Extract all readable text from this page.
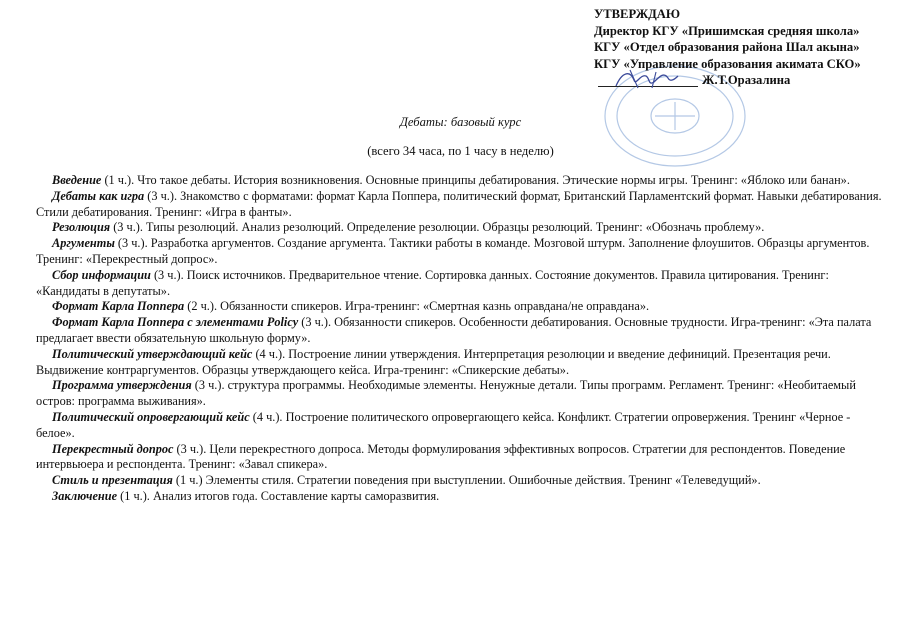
УТВЕРЖДАЮ
Директор КГУ «Пришимская средняя школа»
КГУ «Отдел образования района Шал акына»
КГУ «Управление образования акимата СКО»
Ж.Т.Оразалина
Дебаты: базовый курс
(всего 34 часа, по 1 часу в неделю)

Введение (1 ч.). Что такое дебаты. История возникновения. Основные принципы дебатирования. Этические нормы игры. Тренинг: «Яблоко или банан».

Дебаты как игра (3 ч.). Знакомство с форматами: формат Карла Поппера, политический формат, Британский Парламентский формат. Навыки дебатирования. Стили дебатирования. Тренинг: «Игра в фанты».

Резолюция (3 ч.). Типы резолюций. Анализ резолюций. Определение резолюции. Образцы резолюций. Тренинг: «Обозначь проблему».

Аргументы (3 ч.). Разработка аргументов. Создание аргумента. Тактики работы в команде. Мозговой штурм. Заполнение флоушитов. Образцы аргументов. Тренинг: «Перекрестный допрос».

Сбор информации (3 ч.). Поиск источников. Предварительное чтение. Сортировка данных. Состояние документов. Правила цитирования. Тренинг: «Кандидаты в депутаты».

Формат Карла Поппера (2 ч.). Обязанности спикеров. Игра-тренинг: «Смертная казнь оправдана/не оправдана».

Формат Карла Поппера с элементами Policy (3 ч.). Обязанности спикеров. Особенности дебатирования. Основные трудности. Игра-тренинг: «Эта палата предлагает ввести обязательную школьную форму».

Политический утверждающий кейс (4 ч.). Построение линии утверждения. Интерпретация резолюции и введение дефиниций. Презентация речи. Выдвижение контраргументов. Образцы утверждающего кейса. Игра-тренинг: «Спикерские дебаты».

Программа утверждения (3 ч.). структура программы. Необходимые элементы. Ненужные детали. Типы программ. Регламент. Тренинг: «Необитаемый остров: программа выживания».

Политический опровергающий кейс (4 ч.). Построение политического опровергающего кейса. Конфликт. Стратегии опровержения. Тренинг «Черное - белое».

Перекрестный допрос (3 ч.). Цели перекрестного допроса. Методы формулирования эффективных вопросов. Стратегии для респондентов. Поведение интервьюера и респондента. Тренинг: «Завал спикера».

Стиль и презентация (1 ч.) Элементы стиля. Стратегии поведения при выступлении. Ошибочные действия. Тренинг «Телеведущий».

Заключение (1 ч.). Анализ итогов года. Составление карты саморазвития.
